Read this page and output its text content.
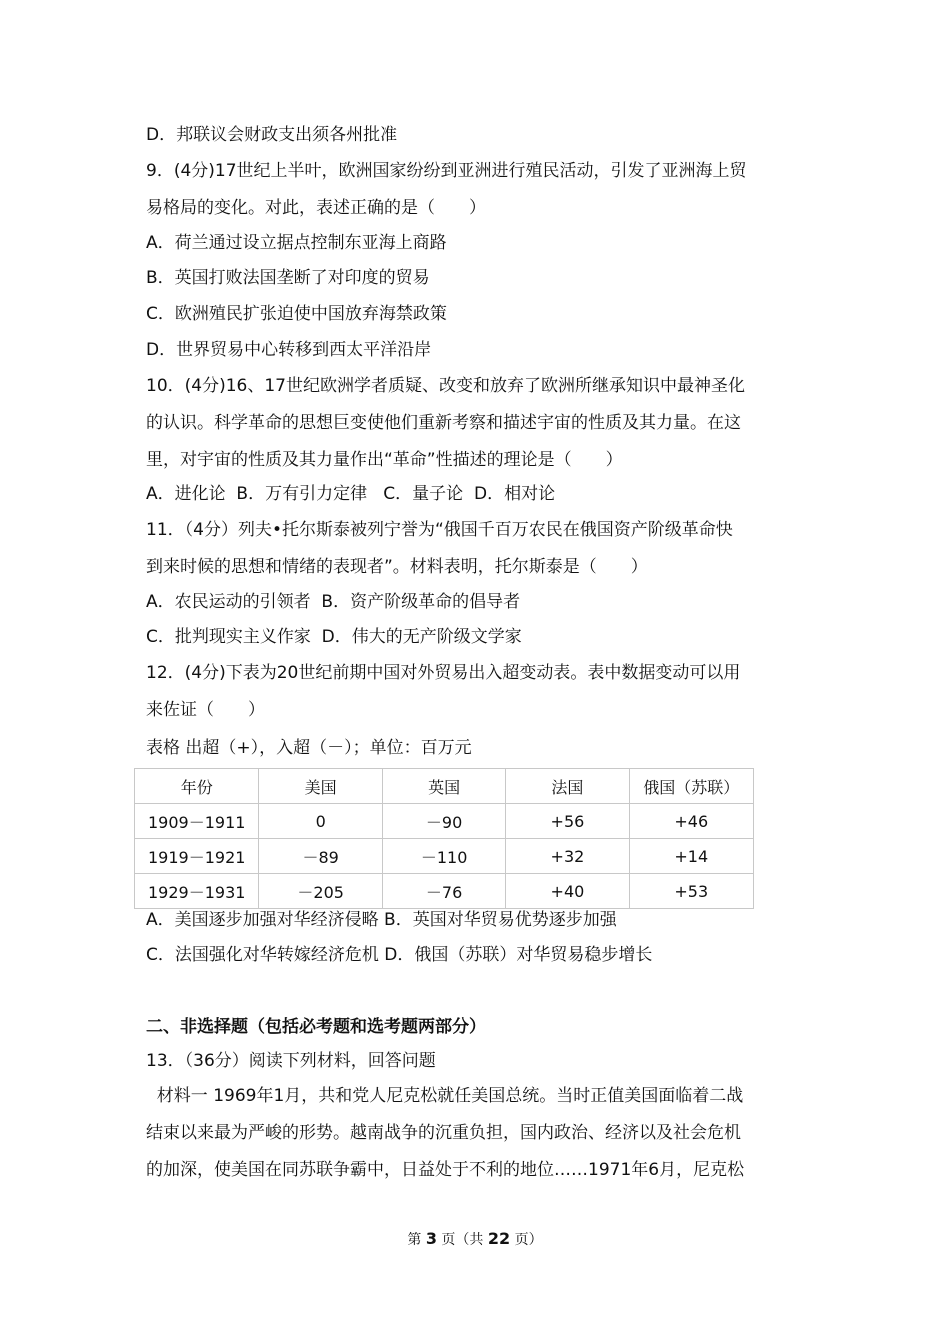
D．邦联议会财政支出须各州批准
9．(4分)17世纪上半叶，欧洲国家纷纷到亚洲进行殖民活动，引发了亚洲海上贸
易格局的变化。对此，表述正确的是（　　）
A．荷兰通过设立据点控制东亚海上商路
B．英国打败法国垄断了对印度的贸易
C．欧洲殖民扩张迫使中国放弃海禁政策
D．世界贸易中心转移到西太平洋沿岸
10．(4分)16、17世纪欧洲学者质疑、改变和放弃了欧洲所继承知识中最神圣化
的认识。科学革命的思想巨变使他们重新考察和描述宇宙的性质及其力量。在这
里，对宇宙的性质及其力量作出“革命”性描述的理论是（　　）
A．进化论  B．万有引力定律   C．量子论  D．相对论
11．（4分）列夫•托尔斯泰被列宁誉为“俄国千百万农民在俄国资产阶级革命快
到来时候的思想和情绪的表现者”。材料表明，托尔斯泰是（　　）
A．农民运动的引领者  B．资产阶级革命的倡导者
C．批判现实主义作家  D．伟大的无产阶级文学家
12．(4分)下表为20世纪前期中国对外贸易出入超变动表。表中数据变动可以用
来佐证（　　）
表格 出超（+），入超（－）；单位：百万元
年份	美国	英国	法国	俄国（苏联）
1909－1911	0	－90	+56	+46
1919－1921	－89	－110	+32	+14
1929－1931	－205	－76	+40	+53
A．美国逐步加强对华经济侵略 B．英国对华贸易优势逐步加强
C．法国强化对华转嫁经济危机 D．俄国（苏联）对华贸易稳步增长
二、非选择题（包括必考题和选考题两部分）
13．（36分）阅读下列材料，回答问题
材料一 1969年1月，共和党人尼克松就任美国总统。当时正值美国面临着二战
结束以来最为严峻的形势。越南战争的沉重负担，国内政治、经济以及社会危机
的加深，使美国在同苏联争霸中，日益处于不利的地位……1971年6月，尼克松
第 3 页（共 22 页）
